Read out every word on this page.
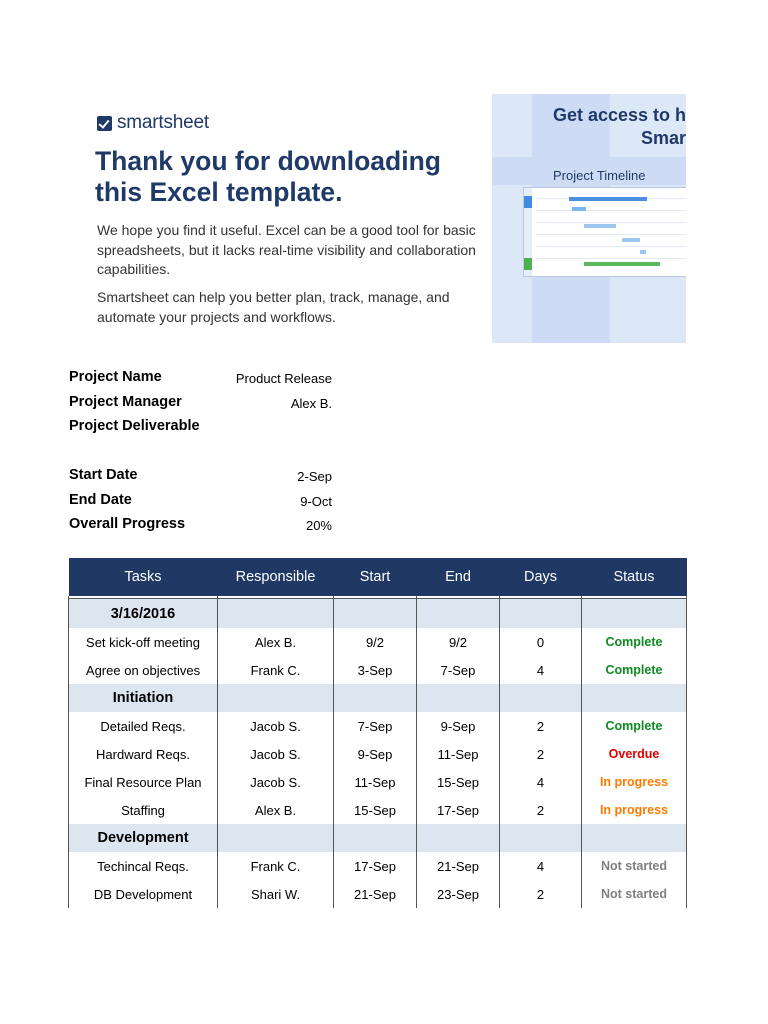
smartsheet
Thank you for downloading this Excel template.

We hope you find it useful. Excel can be a good tool for basic spreadsheets, but it lacks real-time visibility and collaboration capabilities.

Smartsheet can help you better plan, track, manage, and automate your projects and workflows.

Get access to h
Smar
Project Timeline
Project Name	Product Release
Project Manager	Alex B.
Project Deliverable
Start Date	2-Sep
End Date	9-Oct
Overall Progress	20%
Tasks	Responsible	Start	End	Days	Status

3/16/2016					
Set kick-off meeting	Alex B.	9/2	9/2	0	Complete
Agree on objectives	Frank C.	3-Sep	7-Sep	4	Complete
Initiation					
Detailed Reqs.	Jacob S.	7-Sep	9-Sep	2	Complete
Hardward Reqs.	Jacob S.	9-Sep	11-Sep	2	Overdue
Final Resource Plan	Jacob S.	11-Sep	15-Sep	4	In progress
Staffing	Alex B.	15-Sep	17-Sep	2	In progress
Development					
Techincal Reqs.	Frank C.	17-Sep	21-Sep	4	Not started
DB Development	Shari W.	21-Sep	23-Sep	2	Not started
